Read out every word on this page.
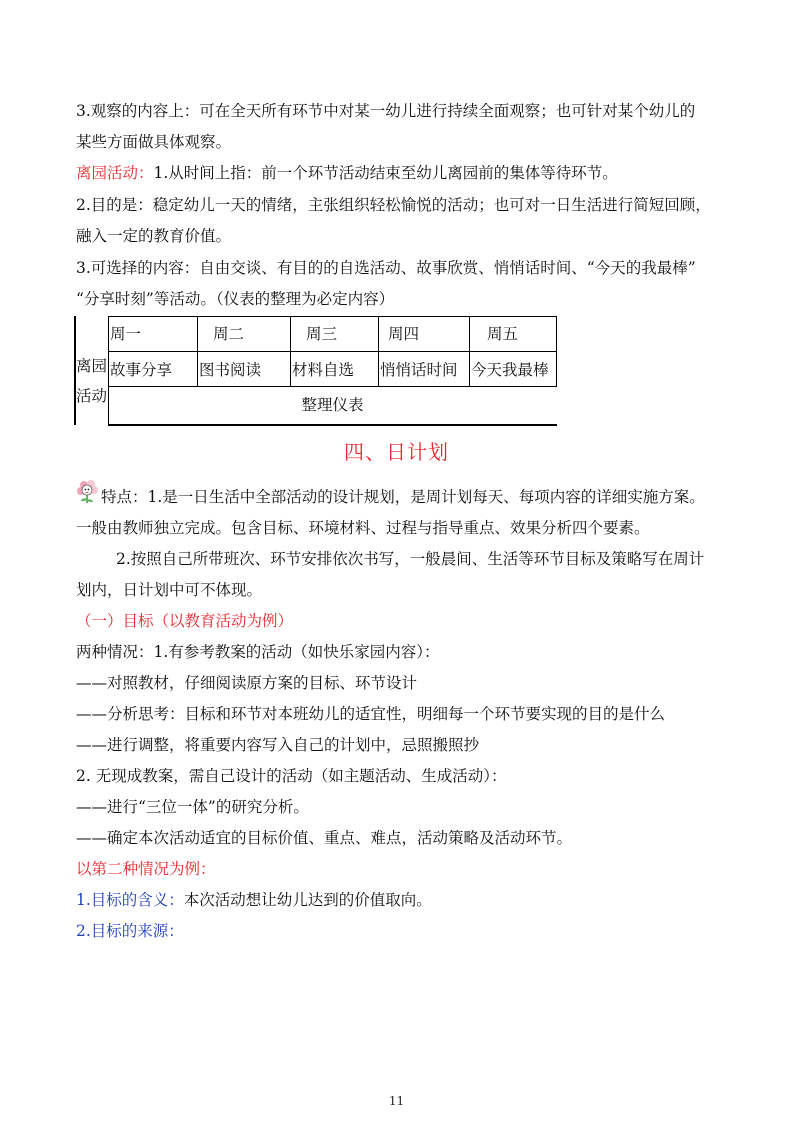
3.观察的内容上：可在全天所有环节中对某一幼儿进行持续全面观察；也可针对某个幼儿的
某些方面做具体观察。
离园活动：1.从时间上指：前一个环节活动结束至幼儿离园前的集体等待环节。
2.目的是：稳定幼儿一天的情绪，主张组织轻松愉悦的活动；也可对一日生活进行简短回顾，
融入一定的教育价值。
3.可选择的内容：自由交谈、有目的的自选活动、故事欣赏、悄悄话时间、“今天的我最棒”
“分享时刻”等活动。（仪表的整理为必定内容）
离园
活动
周一	周二	周三	周四	周五
故事分享 图书阅读 材料自选 悄悄话时间 今天我最棒
整理仪表
四、日计划
特点：1.是一日生活中全部活动的设计规划，是周计划每天、每项内容的详细实施方案。
一般由教师独立完成。包含目标、环境材料、过程与指导重点、效果分析四个要素。
2.按照自己所带班次、环节安排依次书写，一般晨间、生活等环节目标及策略写在周计
划内，日计划中可不体现。
（一）目标（以教育活动为例）
两种情况：1.有参考教案的活动（如快乐家园内容）：
——对照教材，仔细阅读原方案的目标、环节设计
——分析思考：目标和环节对本班幼儿的适宜性，明细每一个环节要实现的目的是什么
——进行调整，将重要内容写入自己的计划中，忌照搬照抄
2. 无现成教案，需自己设计的活动（如主题活动、生成活动）：
——进行“三位一体”的研究分析。
——确定本次活动适宜的目标价值、重点、难点，活动策略及活动环节。
以第二种情况为例：
1.目标的含义：本次活动想让幼儿达到的价值取向。
2.目标的来源：
11
